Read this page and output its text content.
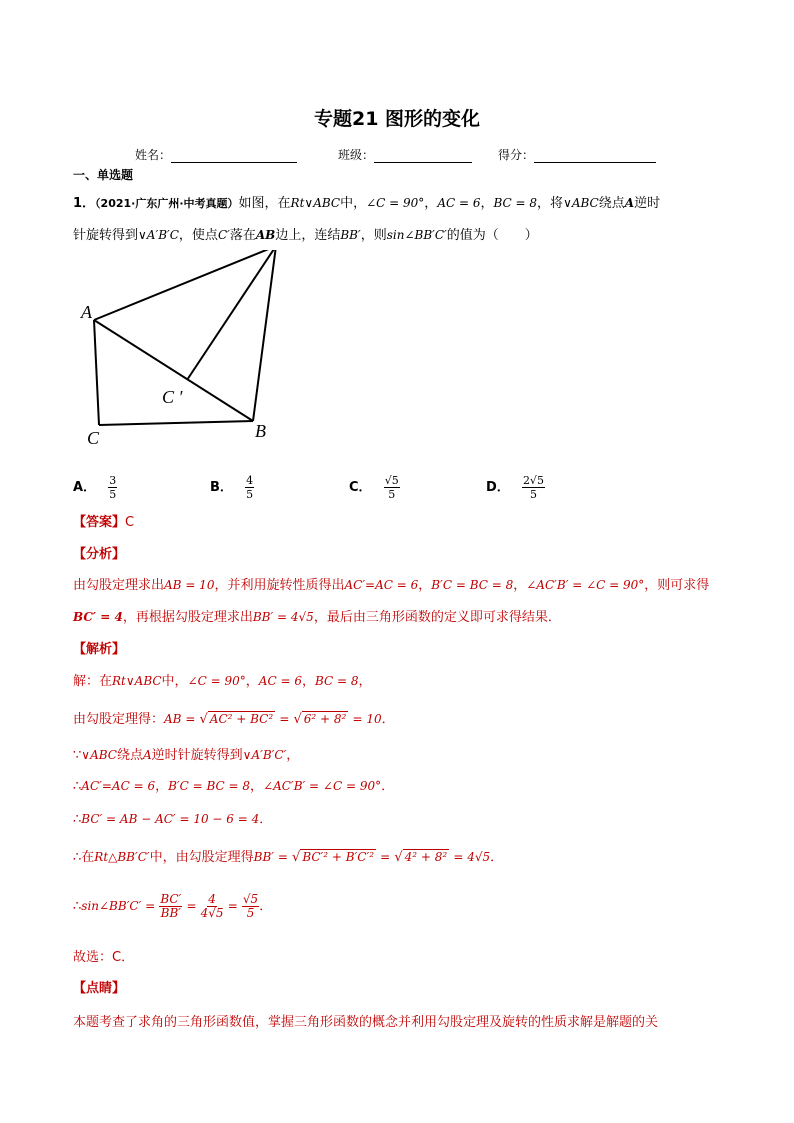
专题21 图形的变化
姓名：	班级：	得分：
一、单选题
1．（2021·广东广州·中考真题）如图，在Rt∨ABC中，∠C = 90°，AC = 6，BC = 8，将∨ABC绕点A逆时
针旋转得到∨A′B′C，使点C′落在AB边上，连结BB′，则sin∠BB′C′的值为（　　）
A
B
C
C ′
A． $\frac{3}{5}$	B． $\frac{4}{5}$	C． $\frac{√5}{5}$	D． $\frac{2√5}{5}$
【答案】C
【分析】
由勾股定理求出AB = 10，并利用旋转性质得出AC′=AC = 6，B′C = BC = 8，∠AC′B′ = ∠C = 90°，则可求得
BC′ = 4，再根据勾股定理求出BB′ = 4√5，最后由三角形函数的定义即可求得结果．
【解析】
解：在Rt∨ABC中，∠C = 90°，AC = 6，BC = 8，
由勾股定理得：AB = √ AC² + BC² = √ 6² + 8² = 10．
∵∨ABC绕点A逆时针旋转得到∨A′B′C′，
∴AC′=AC = 6，B′C = BC = 8，∠AC′B′ = ∠C = 90°．
∴BC′ = AB − AC′ = 10 − 6 = 4．
∴在Rt△BB′C′中，由勾股定理得BB′ = √ BC′² + B′C′² = √ 4² + 8² = 4√5．
∴sin∠BB′C′ = $\frac{BC'}{BB'} = \frac{4}{4√5} = \frac{√5}{5}$ ．
故选：C．
【点睛】
本题考查了求角的三角形函数值，掌握三角形函数的概念并利用勾股定理及旋转的性质求解是解题的关
